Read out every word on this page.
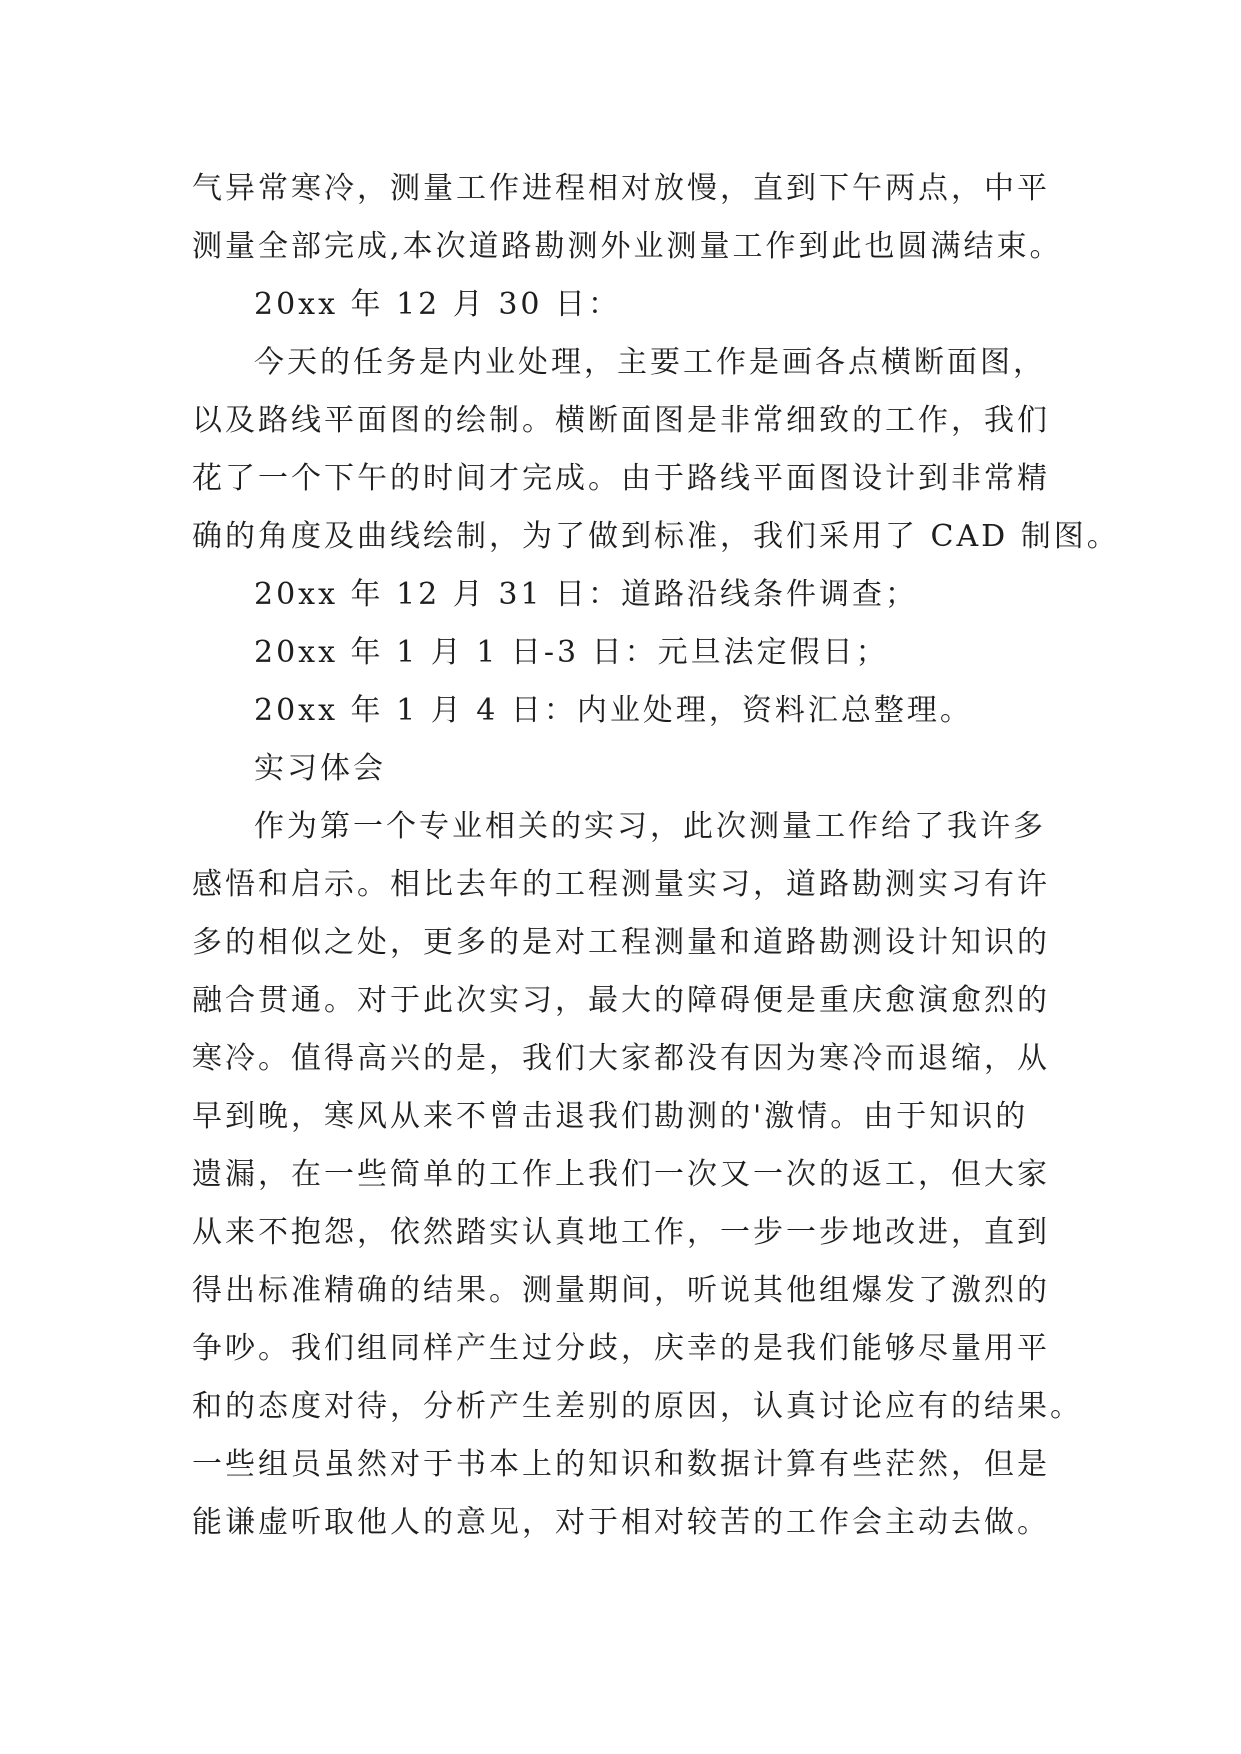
气异常寒冷，测量工作进程相对放慢，直到下午两点，中平
测量全部完成,本次道路勘测外业测量工作到此也圆满结束。
20xx 年 12 月 30 日：
今天的任务是内业处理，主要工作是画各点横断面图，
以及路线平面图的绘制。横断面图是非常细致的工作，我们
花了一个下午的时间才完成。由于路线平面图设计到非常精
确的角度及曲线绘制，为了做到标准，我们采用了 CAD 制图。
20xx 年 12 月 31 日：道路沿线条件调查；
20xx 年 1 月 1 日-3 日：元旦法定假日；
20xx 年 1 月 4 日：内业处理，资料汇总整理。
实习体会
作为第一个专业相关的实习，此次测量工作给了我许多
感悟和启示。相比去年的工程测量实习，道路勘测实习有许
多的相似之处，更多的是对工程测量和道路勘测设计知识的
融合贯通。对于此次实习，最大的障碍便是重庆愈演愈烈的
寒冷。值得高兴的是，我们大家都没有因为寒冷而退缩，从
早到晚，寒风从来不曾击退我们勘测的'激情。由于知识的
遗漏，在一些简单的工作上我们一次又一次的返工，但大家
从来不抱怨，依然踏实认真地工作，一步一步地改进，直到
得出标准精确的结果。测量期间，听说其他组爆发了激烈的
争吵。我们组同样产生过分歧，庆幸的是我们能够尽量用平
和的态度对待，分析产生差别的原因，认真讨论应有的结果。
一些组员虽然对于书本上的知识和数据计算有些茫然，但是
能谦虚听取他人的意见，对于相对较苦的工作会主动去做。
